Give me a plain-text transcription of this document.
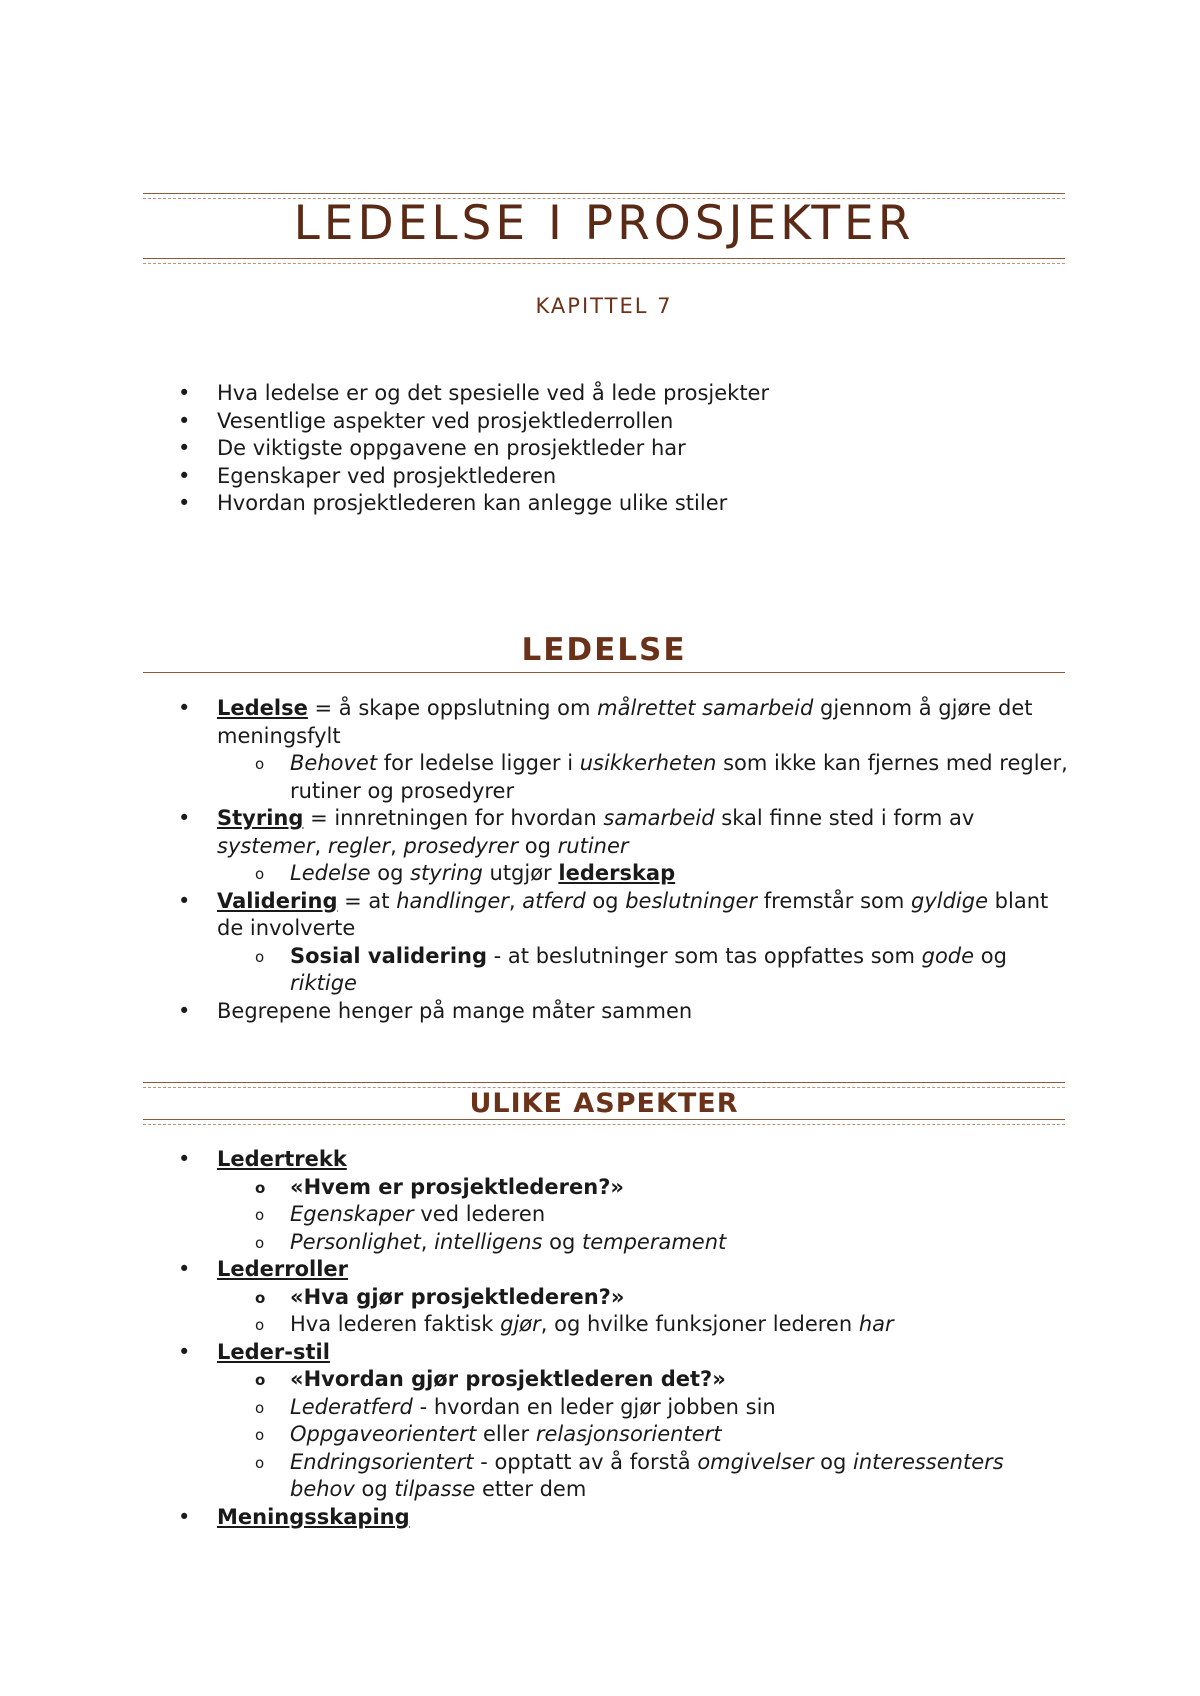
LEDELSE I PROSJEKTER
KAPITTEL 7
• Hva ledelse er og det spesielle ved å lede prosjekter
• Vesentlige aspekter ved prosjektlederrollen
• De viktigste oppgavene en prosjektleder har
• Egenskaper ved prosjektlederen
• Hvordan prosjektlederen kan anlegge ulike stiler
LEDELSE
• Ledelse = å skape oppslutning om målrettet samarbeid gjennom å gjøre det meningsfylt
o Behovet for ledelse ligger i usikkerheten som ikke kan fjernes med regler, rutiner og prosedyrer
• Styring = innretningen for hvordan samarbeid skal finne sted i form av systemer, regler, prosedyrer og rutiner
o Ledelse og styring utgjør lederskap
• Validering = at handlinger, atferd og beslutninger fremstår som gyldige blant de involverte
o Sosial validering - at beslutninger som tas oppfattes som gode og riktige
• Begrepene henger på mange måter sammen
ULIKE ASPEKTER
• Ledertrekk
o «Hvem er prosjektlederen?»
o Egenskaper ved lederen
o Personlighet, intelligens og temperament
• Lederroller
o «Hva gjør prosjektlederen?»
o Hva lederen faktisk gjør, og hvilke funksjoner lederen har
• Leder-stil
o «Hvordan gjør prosjektlederen det?»
o Lederatferd - hvordan en leder gjør jobben sin
o Oppgaveorientert eller relasjonsorientert
o Endringsorientert - opptatt av å forstå omgivelser og interessenters behov og tilpasse etter dem
• Meningsskaping
